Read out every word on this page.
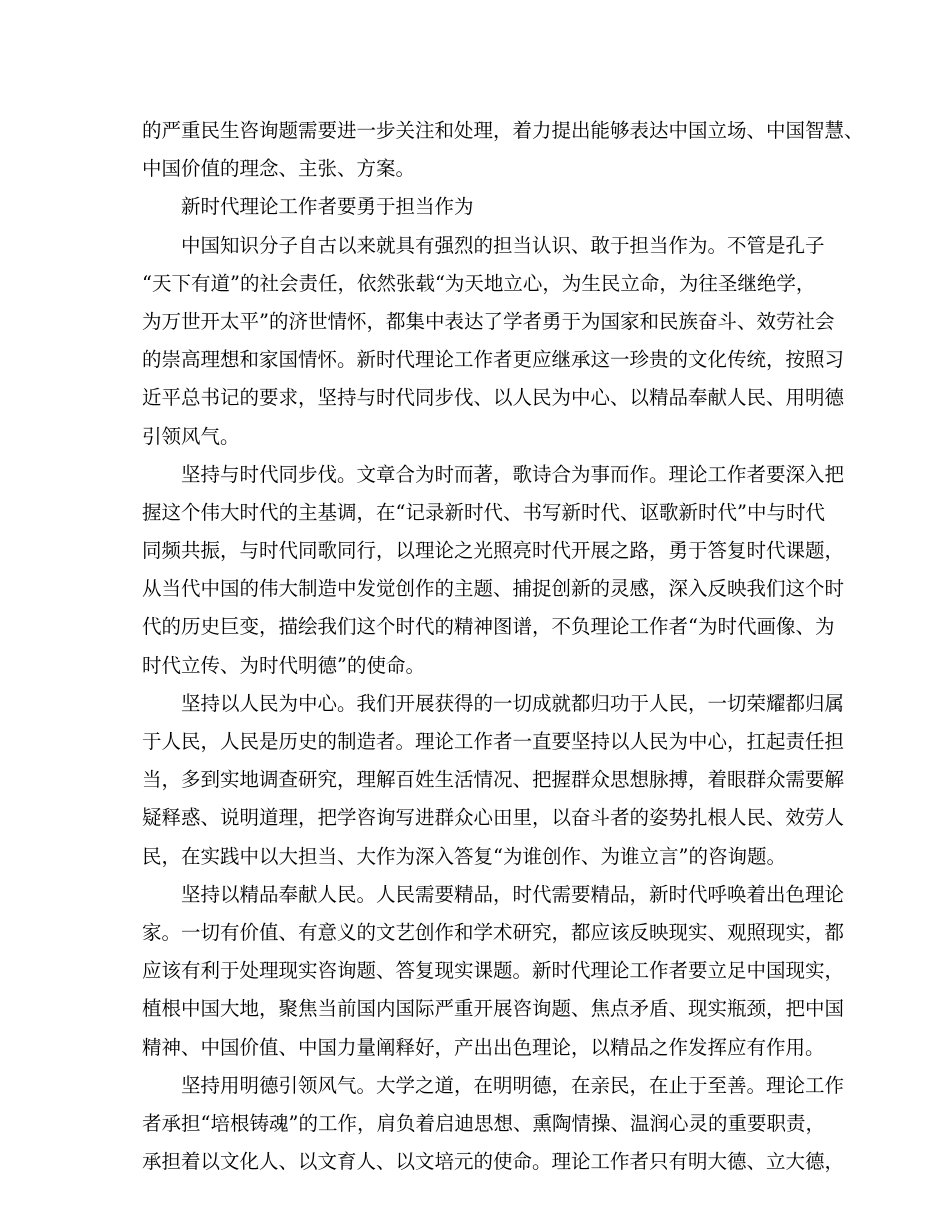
的严重民生咨询题需要进一步关注和处理，着力提出能够表达中国立场、中国智慧、
中国价值的理念、主张、方案。
新时代理论工作者要勇于担当作为
中国知识分子自古以来就具有强烈的担当认识、敢于担当作为。不管是孔子
“天下有道”的社会责任，依然张载“为天地立心，为生民立命，为往圣继绝学，
为万世开太平”的济世情怀，都集中表达了学者勇于为国家和民族奋斗、效劳社会
的崇高理想和家国情怀。新时代理论工作者更应继承这一珍贵的文化传统，按照习
近平总书记的要求，坚持与时代同步伐、以人民为中心、以精品奉献人民、用明德
引领风气。
坚持与时代同步伐。文章合为时而著，歌诗合为事而作。理论工作者要深入把
握这个伟大时代的主基调，在“记录新时代、书写新时代、讴歌新时代”中与时代
同频共振，与时代同歌同行，以理论之光照亮时代开展之路，勇于答复时代课题，
从当代中国的伟大制造中发觉创作的主题、捕捉创新的灵感，深入反映我们这个时
代的历史巨变，描绘我们这个时代的精神图谱，不负理论工作者“为时代画像、为
时代立传、为时代明德”的使命。
坚持以人民为中心。我们开展获得的一切成就都归功于人民，一切荣耀都归属
于人民，人民是历史的制造者。理论工作者一直要坚持以人民为中心，扛起责任担
当，多到实地调查研究，理解百姓生活情况、把握群众思想脉搏，着眼群众需要解
疑释惑、说明道理，把学咨询写进群众心田里，以奋斗者的姿势扎根人民、效劳人
民，在实践中以大担当、大作为深入答复“为谁创作、为谁立言”的咨询题。
坚持以精品奉献人民。人民需要精品，时代需要精品，新时代呼唤着出色理论
家。一切有价值、有意义的文艺创作和学术研究，都应该反映现实、观照现实，都
应该有利于处理现实咨询题、答复现实课题。新时代理论工作者要立足中国现实，
植根中国大地，聚焦当前国内国际严重开展咨询题、焦点矛盾、现实瓶颈，把中国
精神、中国价值、中国力量阐释好，产出出色理论，以精品之作发挥应有作用。
坚持用明德引领风气。大学之道，在明明德，在亲民，在止于至善。理论工作
者承担“培根铸魂”的工作，肩负着启迪思想、熏陶情操、温润心灵的重要职责，
承担着以文化人、以文育人、以文培元的使命。理论工作者只有明大德、立大德，
